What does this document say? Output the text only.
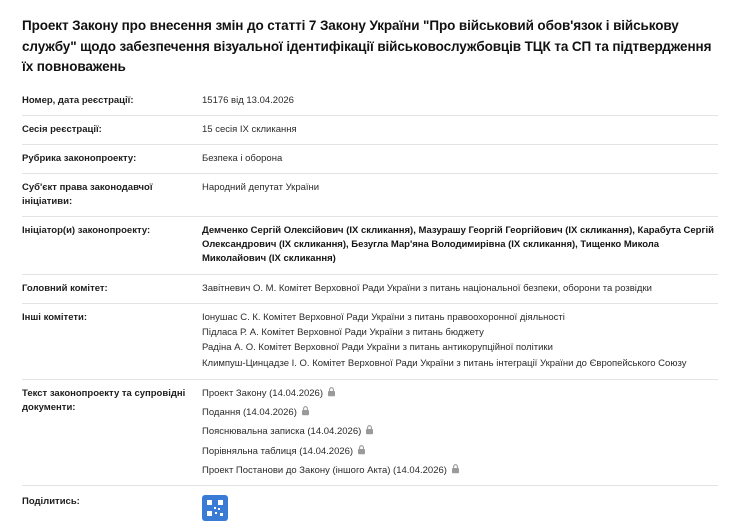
Проект Закону про внесення змін до статті 7 Закону України "Про військовий обов'язок і військову службу" щодо забезпечення візуальної ідентифікації військовослужбовців ТЦК та СП та підтвердження їх повноважень
Номер, дата реєстрації:	15176 від 13.04.2026

Сесія реєстрації:	15 сесія IX скликання

Рубрика законопроекту:	Безпека і оборона

Суб'єкт права законодавчої ініціативи:	Народний депутат України

Ініціатор(и) законопроекту:	Демченко Сергій Олексійович (IX скликання), Мазурашу Георгій Георгійович (IX скликання), Карабута Сергій Олександрович (IX скликання), Безугла Мар'яна Володимирівна (IX скликання), Тищенко Микола Миколайович (IX скликання)

Головний комітет:	Завітневич О. М. Комітет Верховної Ради України з питань національної безпеки, оборони та розвідки

Інші комітети:	Іонушас С. К. Комітет Верховної Ради України з питань правоохоронної діяльності
Підласа Р. А. Комітет Верховної Ради України з питань бюджету
Радіна А. О. Комітет Верховної Ради України з питань антикорупційної політики
Климпуш-Цинцадзе І. О. Комітет Верховної Ради України з питань інтеграції України до Європейського Союзу

Текст законопроекту та супровідні документи:	Проект Закону (14.04.2026)
Подання (14.04.2026)
Пояснювальна записка (14.04.2026)
Порівняльна таблиця (14.04.2026)
Проект Постанови до Закону (іншого Акта) (14.04.2026)

Поділитись:	
